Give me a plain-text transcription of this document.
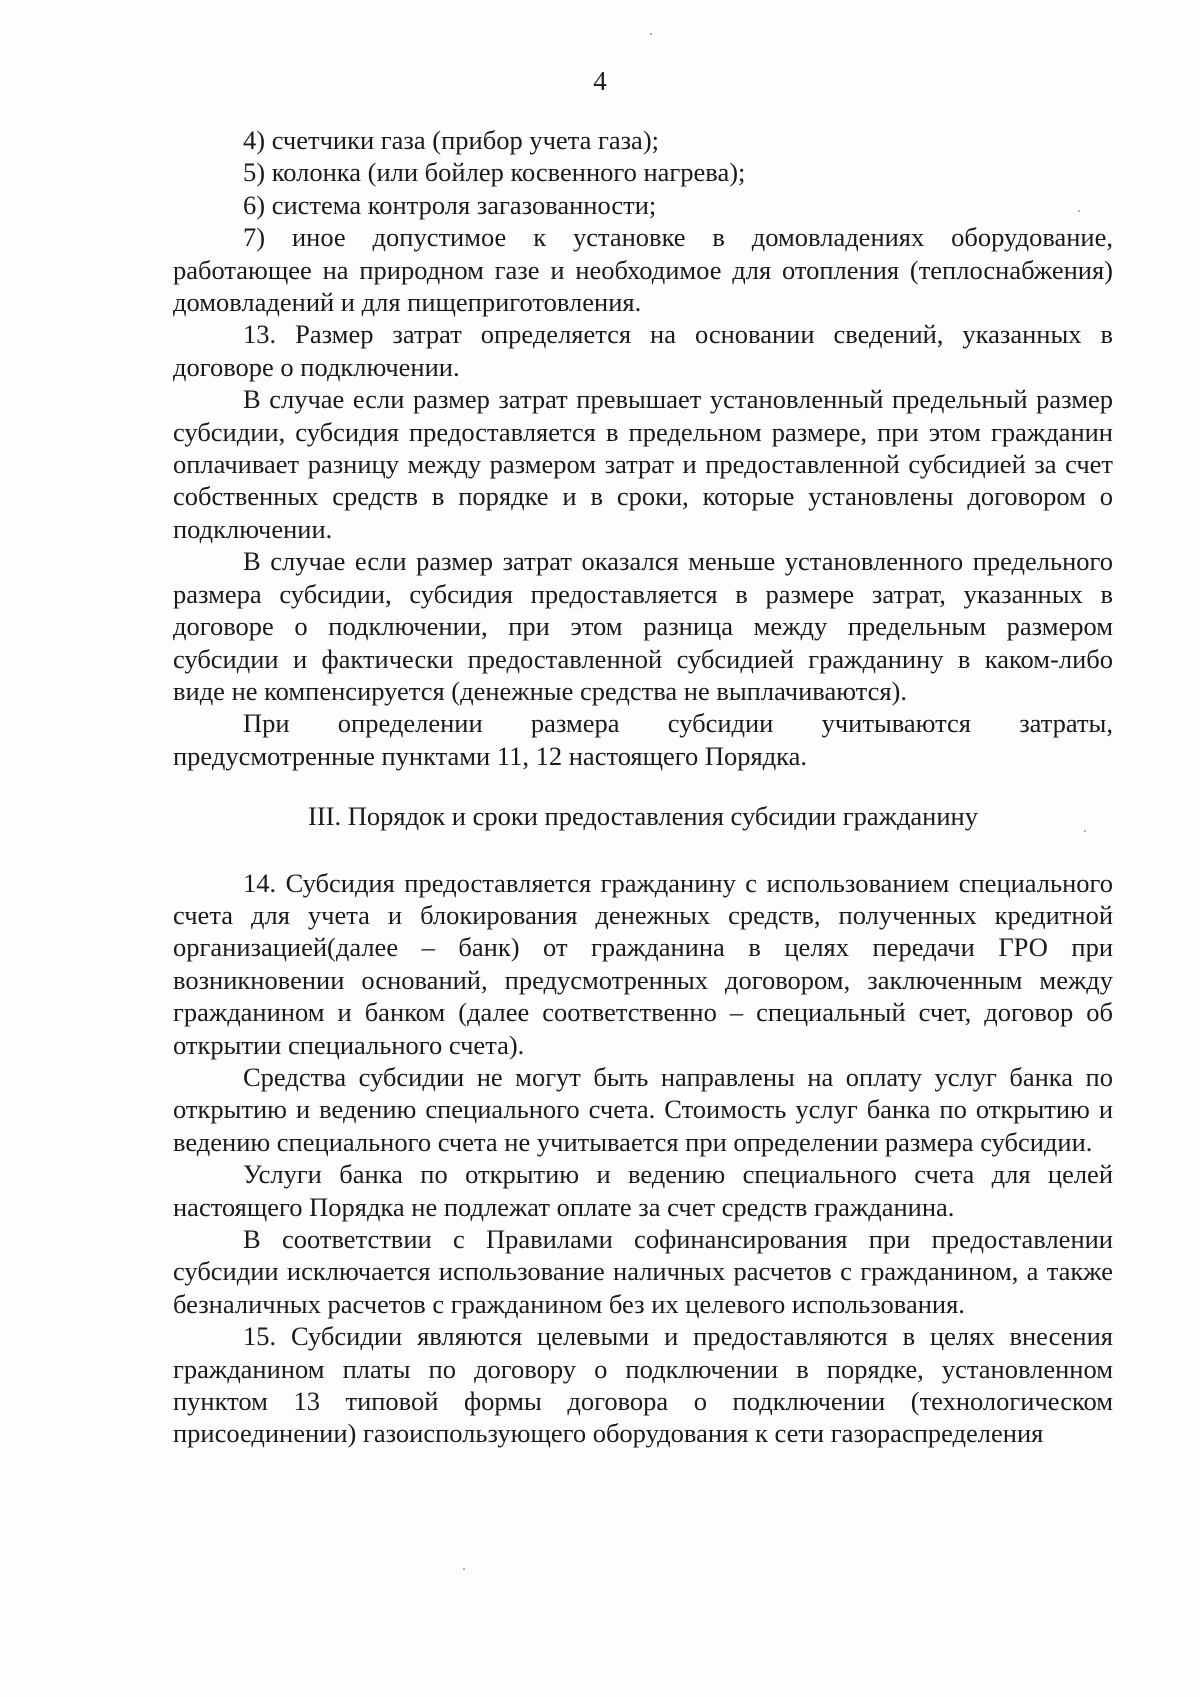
4

4) счетчики газа (прибор учета газа);

5) колонка (или бойлер косвенного нагрева);

6) система контроля загазованности;

7) иное допустимое к установке в домовладениях оборудование, работающее на природном газе и необходимое для отопления (теплоснабжения) домовладений и для пищеприготовления.

13. Размер затрат определяется на основании сведений, указанных в договоре о подключении.

В случае если размер затрат превышает установленный предельный размер субсидии, субсидия предоставляется в предельном размере, при этом гражданин оплачивает разницу между размером затрат и предоставленной субсидией за счет собственных средств в порядке и в сроки, которые установлены договором о подключении.

В случае если размер затрат оказался меньше установленного предельного размера субсидии, субсидия предоставляется в размере затрат, указанных в договоре о подключении, при этом разница между предельным размером субсидии и фактически предоставленной субсидией гражданину в каком-либо виде не компенсируется (денежные средства не выплачиваются).

При определении размера субсидии учитываются затраты, предусмотренные пунктами 11, 12 настоящего Порядка.

III. Порядок и сроки предоставления субсидии гражданину

14. Субсидия предоставляется гражданину с использованием специального счета для учета и блокирования денежных средств, полученных кредитной организацией(далее – банк) от гражданина в целях передачи ГРО при возникновении оснований, предусмотренных договором, заключенным между гражданином и банком (далее соответственно – специальный счет, договор об открытии специального счета).

Средства субсидии не могут быть направлены на оплату услуг банка по открытию и ведению специального счета. Стоимость услуг банка по открытию и ведению специального счета не учитывается при определении размера субсидии.

Услуги банка по открытию и ведению специального счета для целей настоящего Порядка не подлежат оплате за счет средств гражданина.

В соответствии с Правилами софинансирования при предоставлении субсидии исключается использование наличных расчетов с гражданином, а также безналичных расчетов с гражданином без их целевого использования.

15. Субсидии являются целевыми и предоставляются в целях внесения гражданином платы по договору о подключении в порядке, установленном пунктом 13 типовой формы договора о подключении (технологическом присоединении) газоиспользующего оборудования к сети газораспределения
